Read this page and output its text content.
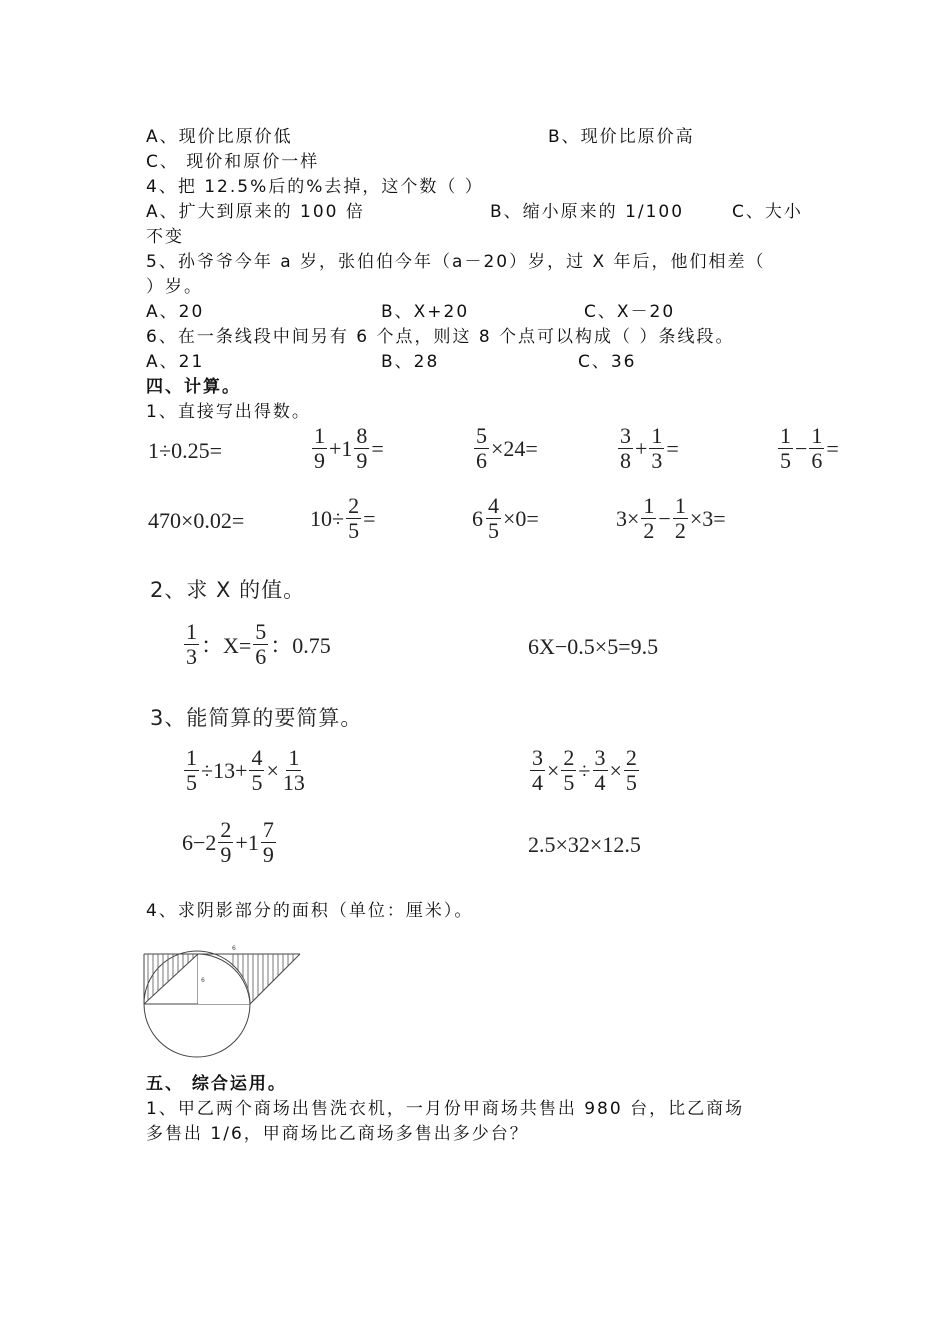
A、现价比原价低	B、现价比原价高
C、 现价和原价一样
4、把 12.5%后的%去掉，这个数（ ）
A、扩大到原来的 100 倍	B、缩小原来的 1/100	C、大小
不变
5、孙爷爷今年 a 岁，张伯伯今年（a－20）岁，过 X 年后，他们相差（
）岁。
A、20	B、X+20	C、X－20
6、在一条线段中间另有 6 个点，则这 8 个点可以构成（ ）条线段。
A、21	B、28	C、36
四、计算。
1、直接写出得数。
1÷0.25=	$\frac{1}{9} +1 \frac{8}{9}$ =	$\frac{5}{6} \times 24=$	$\frac{3}{8} + \frac{1}{3}$ =	$\frac{1}{5} - \frac{1}{6}$ =
470×0.02=	$10\div \frac{2}{5}$ =	$6 \frac{4}{5} \times 0=$	$3\times \frac{1}{2} - \frac{1}{2} \times 3=$
2、求 X 的值。
$\frac{1}{3}$ ：$X= \frac{5}{6}$ ：0.75	6X−0.5×5=9.5
3、能简算的要简算。
$\frac{1}{5} \div 13+ \frac{4}{5} \times \frac{1}{13}$	$\frac{3}{4} \times \frac{2}{5} \div \frac{3}{4} \times \frac{2}{5}$
$6-2 \frac{2}{9} +1 \frac{7}{9}$	2.5×32×12.5
4、求阴影部分的面积（单位：厘米）。
6
6
五、 综合运用。
1、甲乙两个商场出售洗衣机，一月份甲商场共售出 980 台，比乙商场
多售出 1/6，甲商场比乙商场多售出多少台？
